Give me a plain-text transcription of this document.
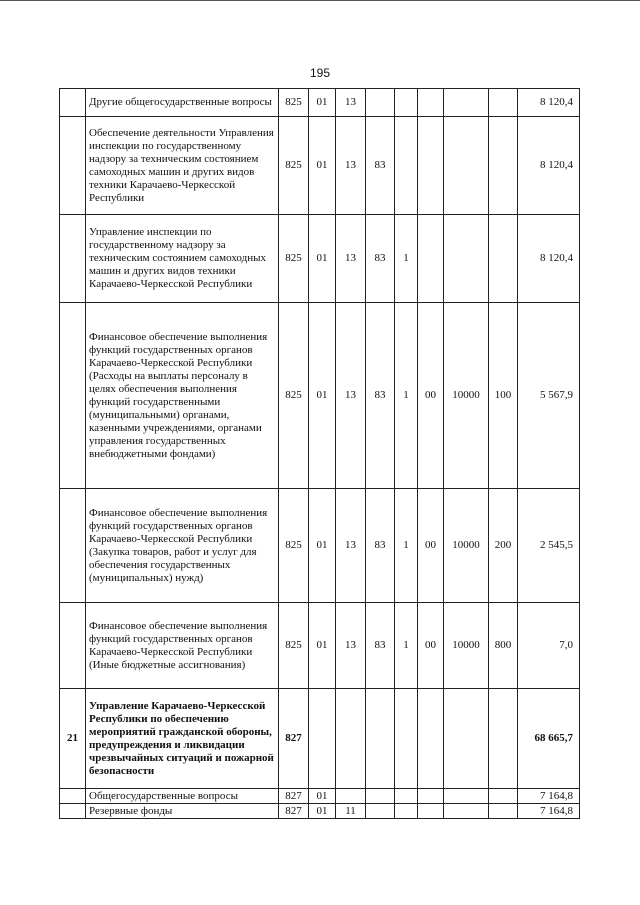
195
	Другие общегосударственные вопросы	825	01	13						8 120,4
	Обеспечение деятельности Управления инспекции по государственному надзору за техническим состоянием самоходных машин и других видов техники Карачаево-Черкесской Республики	825	01	13	83					8 120,4
	Управление инспекции по государственному надзору за техническим состоянием самоходных машин и других видов техники Карачаево-Черкесской Республики	825	01	13	83	1				8 120,4
	Финансовое обеспечение выполнения функций государственных органов Карачаево-Черкесской Республики (Расходы на выплаты персоналу в целях обеспечения выполнения функций государственными (муниципальными) органами, казенными учреждениями, органами управления государственных внебюджетными фондами)	825	01	13	83	1	00	10000	100	5 567,9
	Финансовое обеспечение выполнения функций государственных органов Карачаево-Черкесской Республики (Закупка товаров, работ и услуг для обеспечения государственных (муниципальных) нужд)	825	01	13	83	1	00	10000	200	2 545,5
	Финансовое обеспечение выполнения функций государственных органов Карачаево-Черкесской Республики (Иные бюджетные ассигнования)	825	01	13	83	1	00	10000	800	7,0
21	Управление Карачаево-Черкесской Республики по обеспечению мероприятий гражданской обороны, предупреждения и ликвидации чрезвычайных ситуаций и пожарной безопасности	827								68 665,7
	Общегосударственные вопросы	827	01							7 164,8
	Резервные фонды	827	01	11						7 164,8
